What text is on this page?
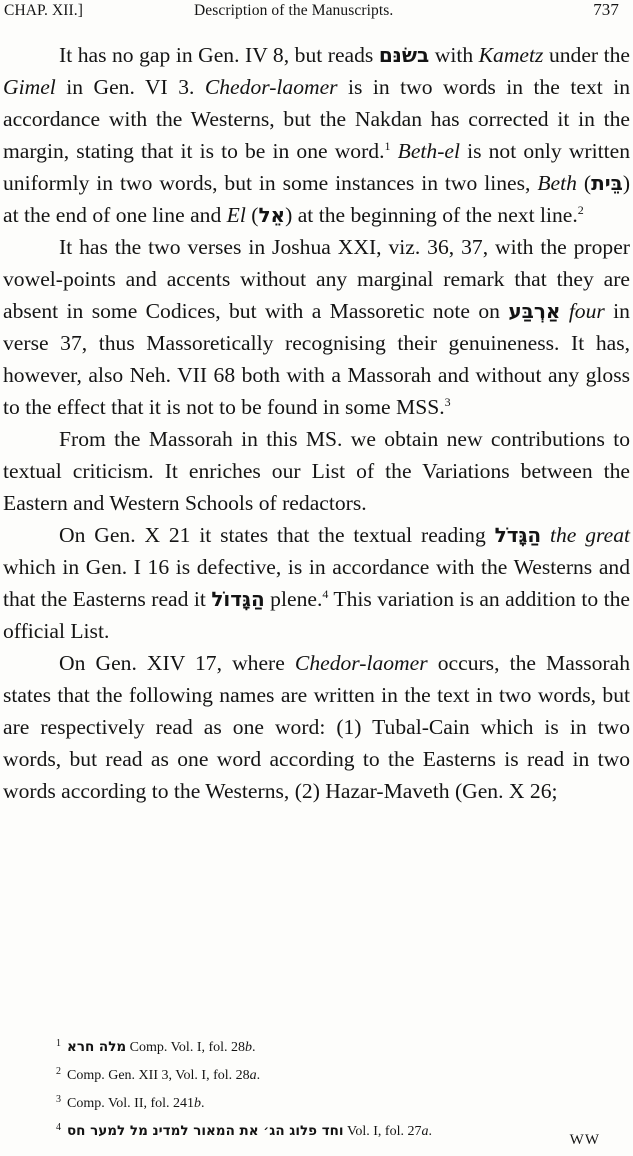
CHAP. XII.]	Description of the Manuscripts.	737

It has no gap in Gen. IV 8, but reads בשׂנּם with Kametz under the Gimel in Gen. VI 3. Chedor-laomer is in two words in the text in accordance with the Westerns, but the Nakdan has corrected it in the margin, stating that it is to be in one word.$^1$ Beth-el is not only written uniformly in two words, but in some instances in two lines, Beth (בֵּית) at the end of one line and El (אֵל) at the beginning of the next line.$^2$

It has the two verses in Joshua XXI, viz. 36, 37, with the proper vowel-points and accents without any marginal remark that they are absent in some Codices, but with a Massoretic note on אַרְבַּע four in verse 37, thus Massoretically recognising their genuineness. It has, however, also Neh. VII 68 both with a Massorah and without any gloss to the effect that it is not to be found in some MSS.$^3$

From the Massorah in this MS. we obtain new contributions to textual criticism. It enriches our List of the Variations between the Eastern and Western Schools of redactors.

On Gen. X 21 it states that the textual reading הַגָּדֹל the great which in Gen. I 16 is defective, is in accordance with the Westerns and that the Easterns read it הַגָּדוֹל plene.$^4$ This variation is an addition to the official List.

On Gen. XIV 17, where Chedor-laomer occurs, the Massorah states that the following names are written in the text in two words, but are respectively read as one word: (1) Tubal-Cain which is in two words, but read as one word according to the Easterns is read in two words according to the Westerns, (2) Hazar-Maveth (Gen. X 26;

$^1$ מלה חרא Comp. Vol. I, fol. 28b.
$^2$ Comp. Gen. XII 3, Vol. I, fol. 28a.
$^3$ Comp. Vol. II, fol. 241b.
$^4$ וחד פלוג הג׳ את המאור למדינ מל למער חס Vol. I, fol. 27a.
WW
